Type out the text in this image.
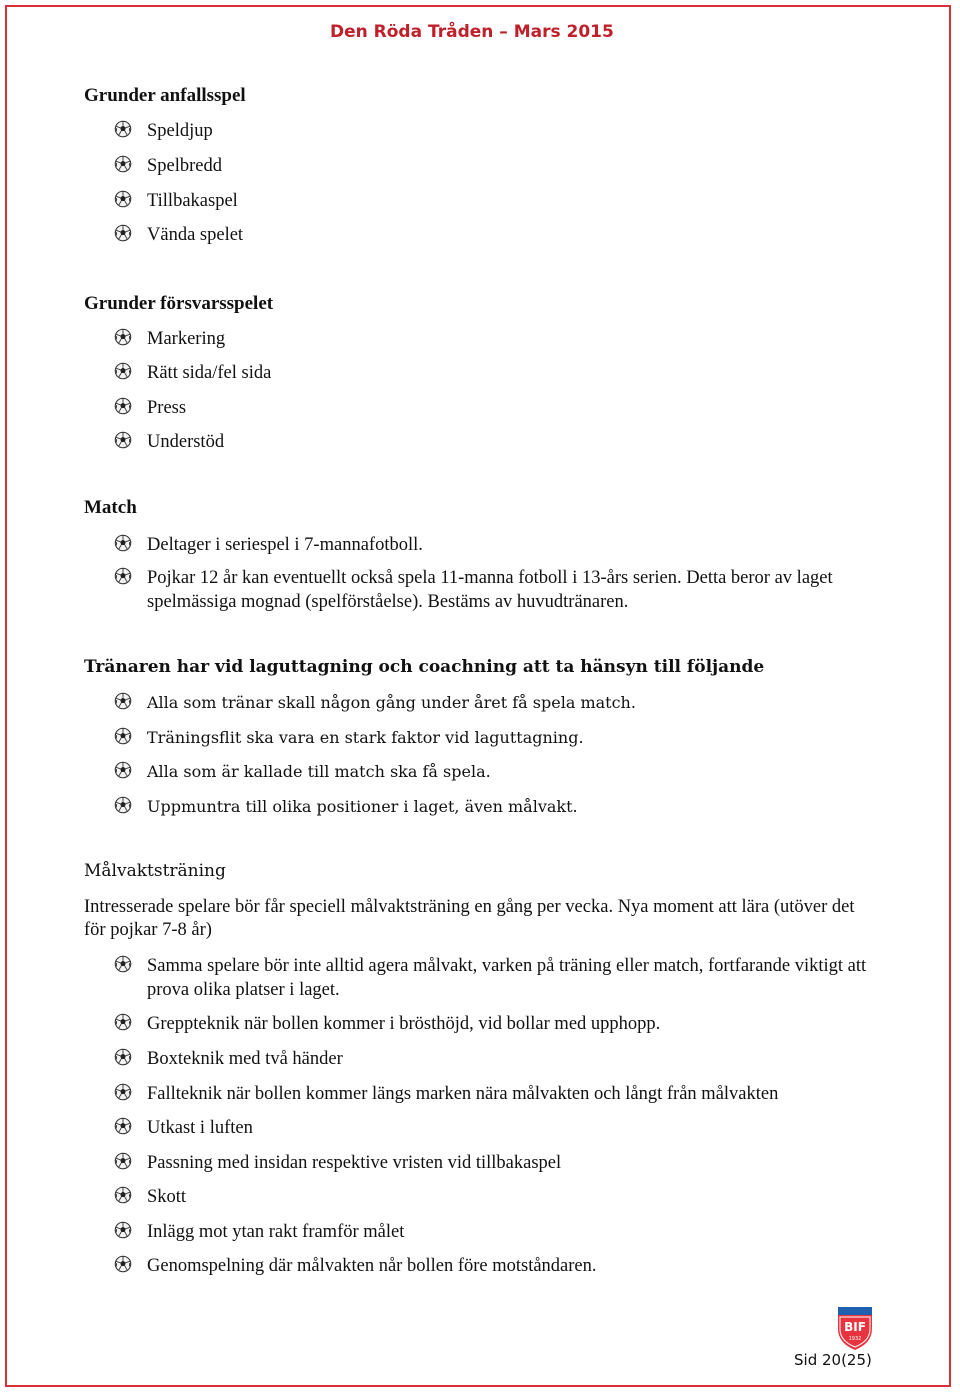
Den Röda Tråden – Mars 2015
Grunder anfallsspel
Speldjup
Spelbredd
Tillbakaspel
Vända spelet
Grunder försvarsspelet
Markering
Rätt sida/fel sida
Press
Understöd
Match
Deltager i seriespel i 7-mannafotboll.
Pojkar 12 år kan eventuellt också spela 11-manna fotboll i 13-års serien. Detta beror av laget spelmässiga mognad (spelförståelse). Bestäms av huvudtränaren.
Tränaren har vid laguttagning och coachning att ta hänsyn till följande
Alla som tränar skall någon gång under året få spela match.
Träningsflit ska vara en stark faktor vid laguttagning.
Alla som är kallade till match ska få spela.
Uppmuntra till olika positioner i laget, även målvakt.
Målvaktsträning
Intresserade spelare bör får speciell målvaktsträning en gång per vecka. Nya moment att lära (utöver det för pojkar 7-8 år)
Samma spelare bör inte alltid agera målvakt, varken på träning eller match, fortfarande viktigt att prova olika platser i laget.
Greppteknik när bollen kommer i brösthöjd, vid bollar med upphopp.
Boxteknik med två händer
Fallteknik när bollen kommer längs marken nära målvakten och långt från målvakten
Utkast i luften
Passning med insidan respektive vristen vid tillbakaspel
Skott
Inlägg mot ytan rakt framför målet
Genomspelning där målvakten når bollen före motståndaren.
BIF
1932
Sid 20(25)
